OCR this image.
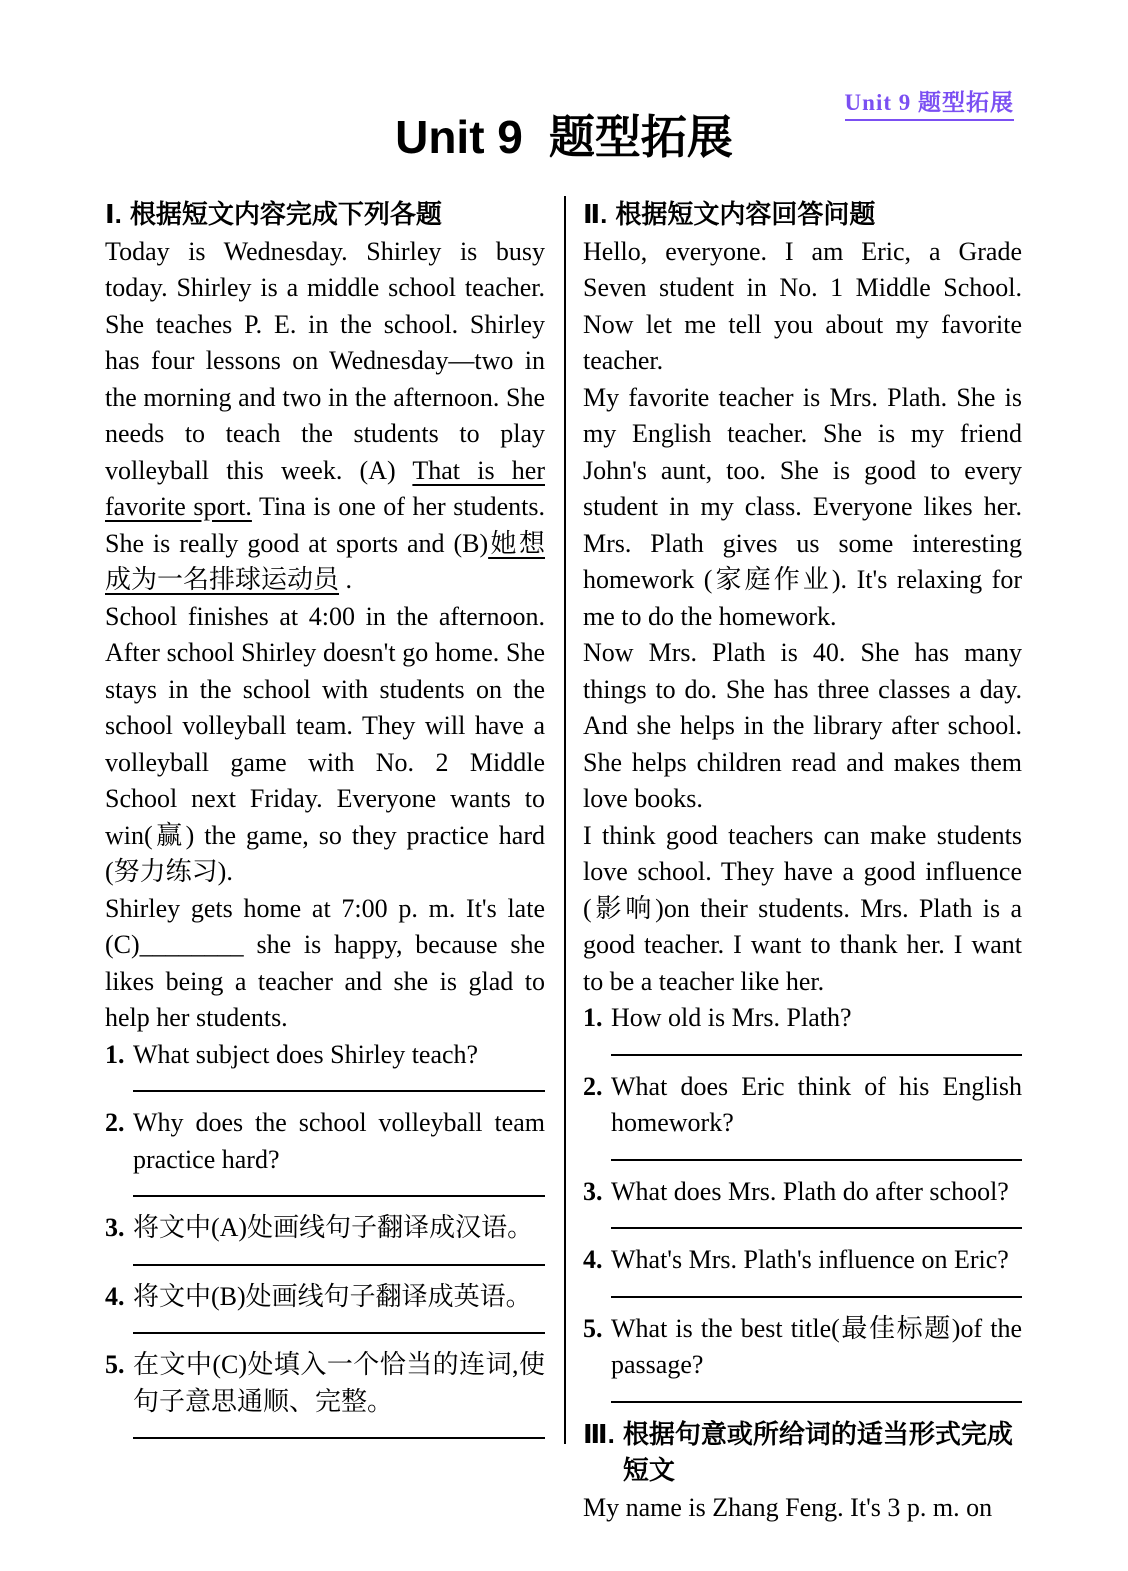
Unit 9 题型拓展
Unit 9 题型拓展
Ⅰ. 根据短文内容完成下列各题

Today is Wednesday. Shirley is busy today. Shirley is a middle school teacher. She teaches P. E. in the school. Shirley has four lessons on Wednesday—two in the morning and two in the afternoon. She needs to teach the students to play volleyball this week. (A) That is her favorite sport. Tina is one of her students. She is really good at sports and (B)她想成为一名排球运动员 .

School finishes at 4:00 in the afternoon. After school Shirley doesn't go home. She stays in the school with students on the school volleyball team. They will have a volleyball game with No. 2 Middle School next Friday. Everyone wants to win(赢) the game, so they practice hard (努力练习).

Shirley gets home at 7:00 p. m. It's late (C)________ she is happy, because she likes being a teacher and she is glad to help her students.

1. What subject does Shirley teach?
2. Why does the school volleyball team practice hard?
3. 将文中(A)处画线句子翻译成汉语。
4. 将文中(B)处画线句子翻译成英语。
5. 在文中(C)处填入一个恰当的连词,使句子意思通顺、完整。
Ⅱ. 根据短文内容回答问题

Hello, everyone. I am Eric, a Grade Seven student in No. 1 Middle School. Now let me tell you about my favorite teacher.

My favorite teacher is Mrs. Plath. She is my English teacher. She is my friend John's aunt, too. She is good to every student in my class. Everyone likes her. Mrs. Plath gives us some interesting homework (家庭作业). It's relaxing for me to do the homework.

Now Mrs. Plath is 40. She has many things to do. She has three classes a day. And she helps in the library after school. She helps children read and makes them love books.

I think good teachers can make students love school. They have a good influence (影响)on their students. Mrs. Plath is a good teacher. I want to thank her. I want to be a teacher like her.

1. How old is Mrs. Plath?
2. What does Eric think of his English homework?
3. What does Mrs. Plath do after school?
4. What's Mrs. Plath's influence on Eric?
5. What is the best title(最佳标题)of the passage?
Ⅲ. 根据句意或所给词的适当形式完成短文

My name is Zhang Feng. It's 3 p. m. on
